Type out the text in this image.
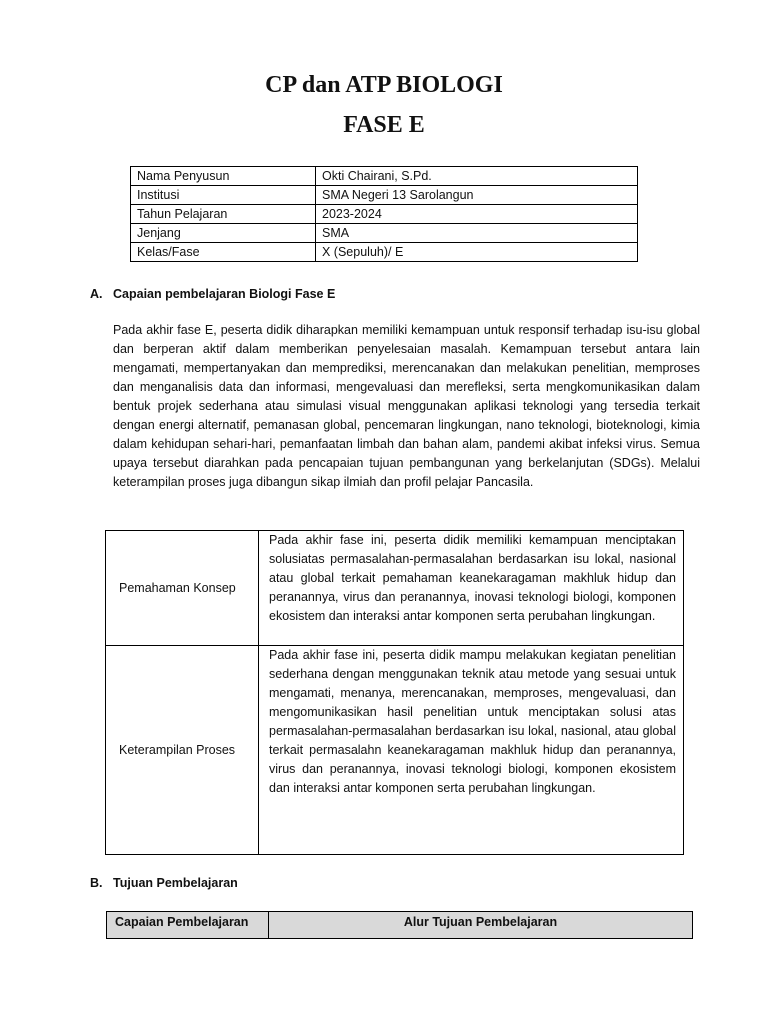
CP dan ATP BIOLOGI
FASE E
Nama Penyusun	Okti Chairani, S.Pd.
Institusi	SMA Negeri 13 Sarolangun
Tahun Pelajaran	2023-2024
Jenjang	SMA
Kelas/Fase	X (Sepuluh)/ E
A. Capaian pembelajaran Biologi Fase E

Pada akhir fase E, peserta didik diharapkan memiliki kemampuan untuk responsif terhadap isu-isu global dan berperan aktif dalam memberikan penyelesaian masalah. Kemampuan tersebut antara lain mengamati, mempertanyakan dan memprediksi, merencanakan dan melakukan penelitian, memproses dan menganalisis data dan informasi, mengevaluasi dan merefleksi, serta mengkomunikasikan dalam bentuk projek sederhana atau simulasi visual menggunakan aplikasi teknologi yang tersedia terkait dengan energi alternatif, pemanasan global, pencemaran lingkungan, nano teknologi, bioteknologi, kimia dalam kehidupan sehari-hari, pemanfaatan limbah dan bahan alam, pandemi akibat infeksi virus. Semua upaya tersebut diarahkan pada pencapaian tujuan pembangunan yang berkelanjutan (SDGs). Melalui keterampilan proses juga dibangun sikap ilmiah dan profil pelajar Pancasila.

Pemahaman Konsep	Pada akhir fase ini, peserta didik memiliki kemampuan menciptakan solusiatas permasalahan-permasalahan berdasarkan isu lokal, nasional atau global terkait pemahaman keanekaragaman makhluk hidup dan peranannya, virus dan peranannya, inovasi teknologi biologi, komponen ekosistem dan interaksi antar komponen serta perubahan lingkungan.
Keterampilan Proses	Pada akhir fase ini, peserta didik mampu melakukan kegiatan penelitian sederhana dengan menggunakan teknik atau metode yang sesuai untuk mengamati, menanya, merencanakan, memproses, mengevaluasi, dan mengomunikasikan hasil penelitian untuk menciptakan solusi atas permasalahan-permasalahan berdasarkan isu lokal, nasional, atau global terkait permasalahn keanekaragaman makhluk hidup dan peranannya, virus dan peranannya, inovasi teknologi biologi, komponen ekosistem dan interaksi antar komponen serta perubahan lingkungan.
B. Tujuan Pembelajaran
Capaian Pembelajaran	Alur Tujuan Pembelajaran
